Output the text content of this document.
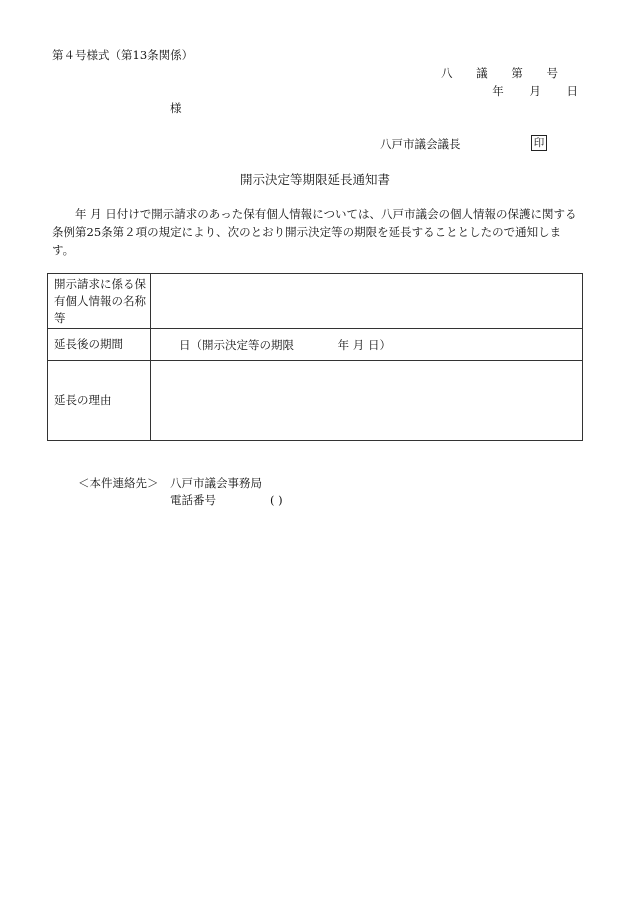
第４号様式（第13条関係）
八 議 第 号
年 月 日
様
八戸市議会議長	印
開示決定等期限延長通知書
年 月 日付けで開示請求のあった保有個人情報については、八戸市議会の個人情報の保護に関する条例第25条第２項の規定により、次のとおり開示決定等の期限を延長することとしたので通知します。
開示請求に係る保有個人情報の名称等	
延長後の期間	日（開示決定等の期限 年 月 日）
延長の理由	
＜本件連絡先＞ 八戸市議会事務局
電話番号	( )
